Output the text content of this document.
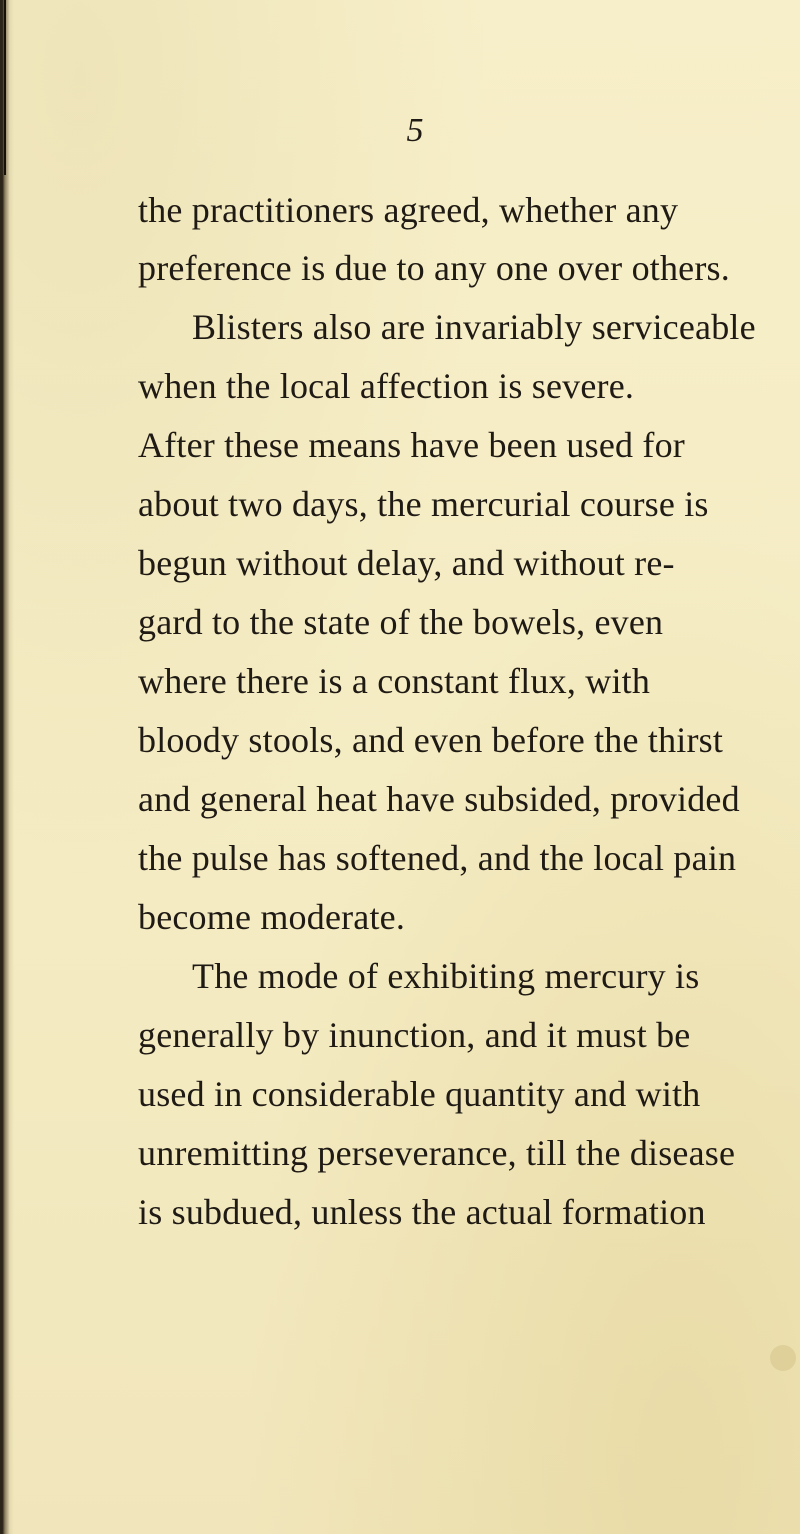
5
the practitioners agreed, whether any
preference is due to any one over others.
Blisters also are invariably serviceable
when the local affection is severe.
After these means have been used for
about two days, the mercurial course is
begun without delay, and without re-
gard to the state of the bowels, even
where there is a constant flux, with
bloody stools, and even before the thirst
and general heat have subsided, provided
the pulse has softened, and the local pain
become moderate.
The mode of exhibiting mercury is
generally by inunction, and it must be
used in considerable quantity and with
unremitting perseverance, till the disease
is subdued, unless the actual formation
